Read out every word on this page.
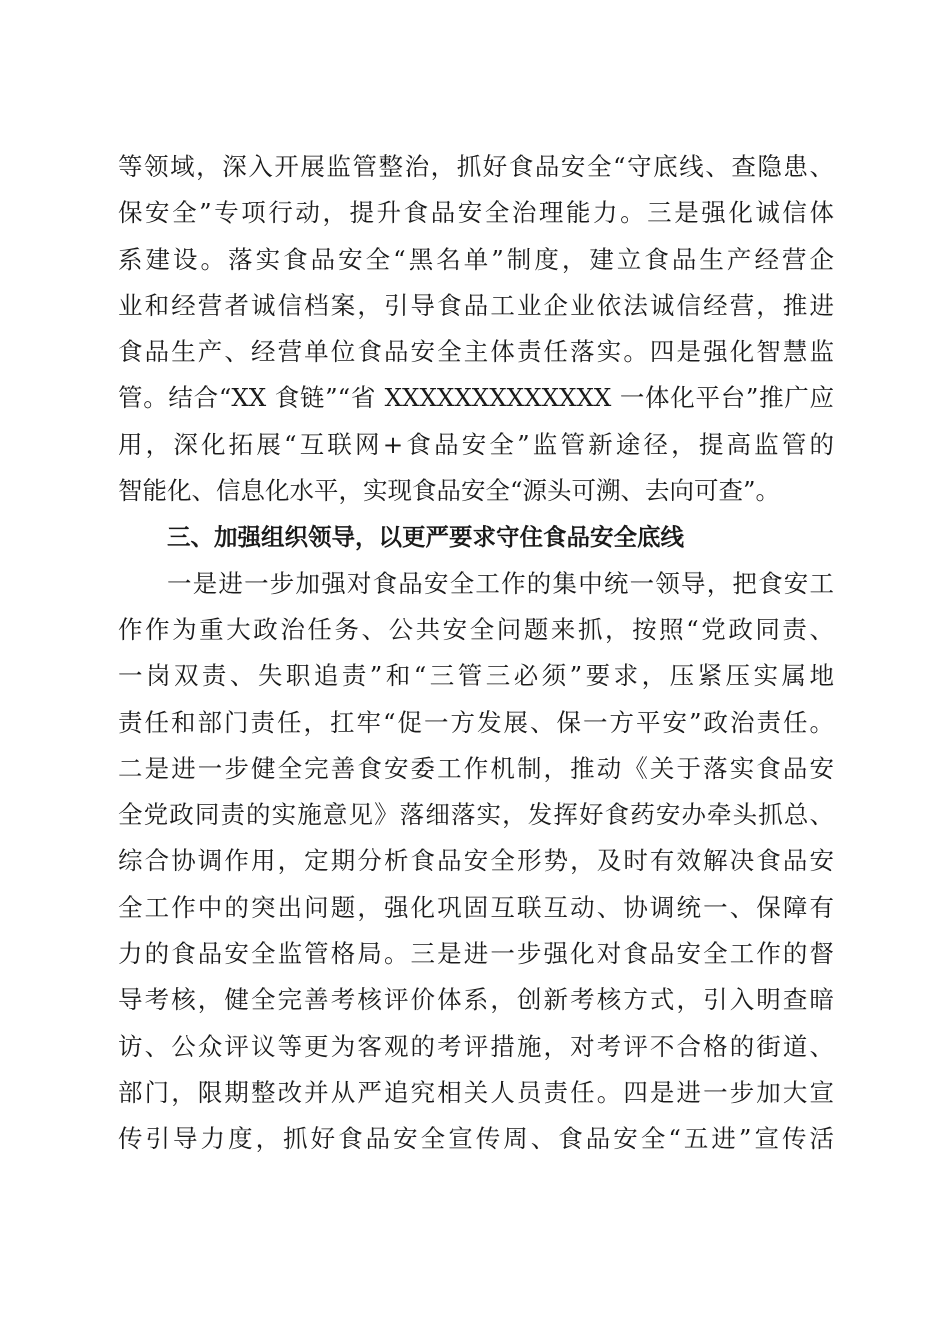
等领域，深入开展监管整治，抓好食品安全“守底线、查隐患、
保安全”专项行动，提升食品安全治理能力。三是强化诚信体
系建设。落实食品安全“黑名单”制度，建立食品生产经营企
业和经营者诚信档案，引导食品工业企业依法诚信经营，推进
食品生产、经营单位食品安全主体责任落实。四是强化智慧监
管。结合“XX 食链”“省 XXXXXXXXXXXXX 一体化平台”推广应
用，深化拓展“互联网+食品安全”监管新途径，提高监管的
智能化、信息化水平，实现食品安全“源头可溯、去向可查”。
三、加强组织领导，以更严要求守住食品安全底线
一是进一步加强对食品安全工作的集中统一领导，把食安工
作作为重大政治任务、公共安全问题来抓，按照“党政同责、
一岗双责、失职追责”和“三管三必须”要求，压紧压实属地
责任和部门责任，扛牢“促一方发展、保一方平安”政治责任。
二是进一步健全完善食安委工作机制，推动《关于落实食品安
全党政同责的实施意见》落细落实，发挥好食药安办牵头抓总、
综合协调作用，定期分析食品安全形势，及时有效解决食品安
全工作中的突出问题，强化巩固互联互动、协调统一、保障有
力的食品安全监管格局。三是进一步强化对食品安全工作的督
导考核，健全完善考核评价体系，创新考核方式，引入明查暗
访、公众评议等更为客观的考评措施，对考评不合格的街道、
部门，限期整改并从严追究相关人员责任。四是进一步加大宣
传引导力度，抓好食品安全宣传周、食品安全“五进”宣传活
